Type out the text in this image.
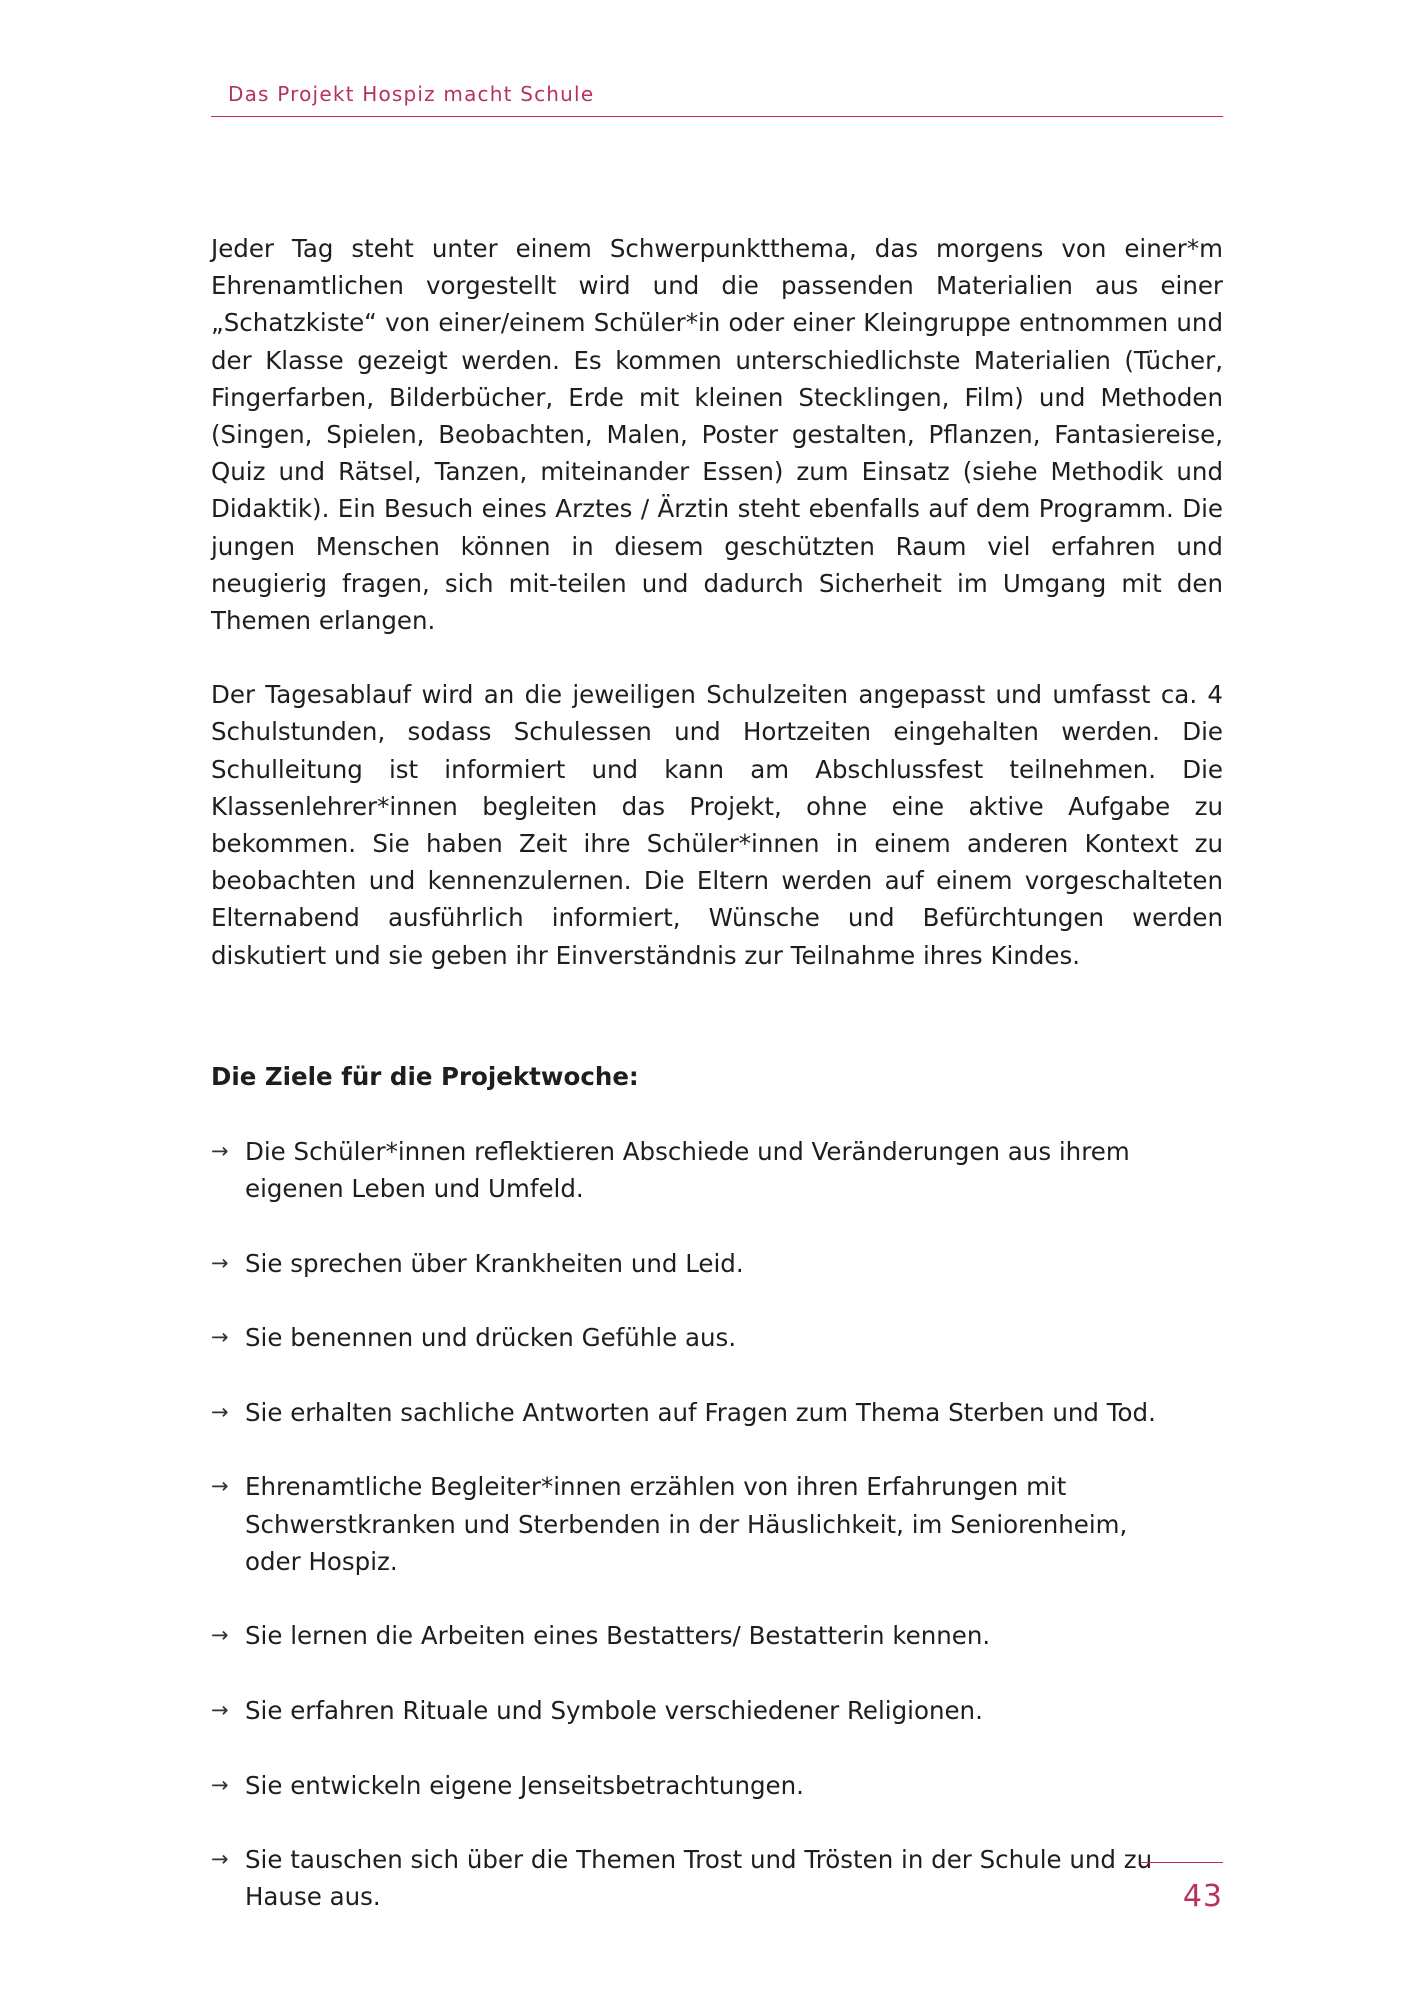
Das Projekt Hospiz macht Schule

Jeder Tag steht unter einem Schwerpunktthema, das morgens von einer*m Ehrenamtlichen vorgestellt wird und die passenden Materialien aus einer „Schatzkiste“ von einer/einem Schüler*in oder einer Kleingruppe entnommen und der Klasse gezeigt werden. Es kommen unterschiedlichste Materialien (Tücher, Fingerfarben, Bilderbücher, Erde mit kleinen Stecklingen, Film) und Methoden (Singen, Spielen, Beobachten, Malen, Poster gestalten, Pflanzen, Fantasiereise, Quiz und Rätsel, Tanzen, miteinander Essen) zum Einsatz (siehe Methodik und Didaktik). Ein Besuch eines Arztes / Ärztin steht ebenfalls auf dem Programm. Die jungen Menschen können in diesem geschützten Raum viel erfahren und neugierig fragen, sich mit-teilen und dadurch Sicherheit im Umgang mit den Themen erlangen.

Der Tagesablauf wird an die jeweiligen Schulzeiten angepasst und umfasst ca. 4 Schulstunden, sodass Schulessen und Hortzeiten eingehalten werden. Die Schulleitung ist informiert und kann am Abschlussfest teilnehmen. Die Klassenlehrer*innen begleiten das Projekt, ohne eine aktive Aufgabe zu bekommen. Sie haben Zeit ihre Schüler*innen in einem anderen Kontext zu beobachten und kennenzulernen. Die Eltern werden auf einem vorgeschalteten Elternabend ausführlich informiert, Wünsche und Befürchtungen werden diskutiert und sie geben ihr Einverständnis zur Teilnahme ihres Kindes.

Die Ziele für die Projektwoche:
→ Die Schüler*innen reflektieren Abschiede und Veränderungen aus ihrem eigenen Leben und Umfeld.
→ Sie sprechen über Krankheiten und Leid.
→ Sie benennen und drücken Gefühle aus.
→ Sie erhalten sachliche Antworten auf Fragen zum Thema Sterben und Tod.
→ Ehrenamtliche Begleiter*innen erzählen von ihren Erfahrungen mit Schwerstkranken und Sterbenden in der Häuslichkeit, im Seniorenheim, oder Hospiz.
→ Sie lernen die Arbeiten eines Bestatters/ Bestatterin kennen.
→ Sie erfahren Rituale und Symbole verschiedener Religionen.
→ Sie entwickeln eigene Jenseitsbetrachtungen.
→ Sie tauschen sich über die Themen Trost und Trösten in der Schule und zu Hause aus.	43
